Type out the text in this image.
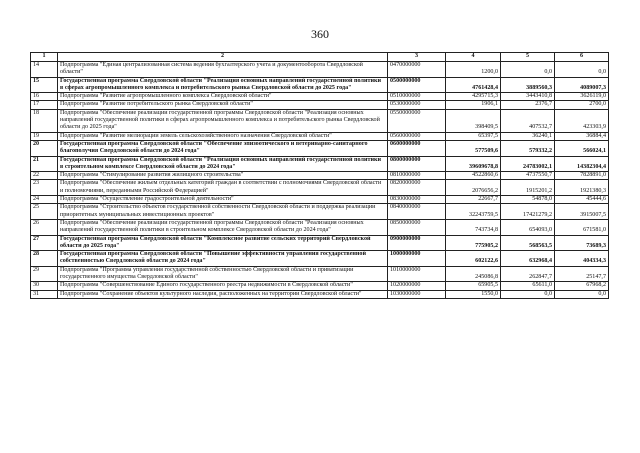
360
1	2	3	4	5	6
14	Подпрограмма "Единая централизованная система ведения бухгалтерского учета и документооборота Свердловской области"	0470000000	1200,0	0,0	0,0
15	Государственная программа Свердловской области "Реализация основных направлений государственной политики в сферах агропромышленного комплекса и потребительского рынка Свердловской области до 2025 года"	0500000000	4761428,4	3889560,3	4089007,3
16	Подпрограмма "Развитие агропромышленного комплекса Свердловской области"	0510000000	4295715,3	3443410,8	3626119,0
17	Подпрограмма "Развитие потребительского рынка Свердловской области"	0530000000	1906,1	2376,7	2700,0
18	Подпрограмма "Обеспечение реализации государственной программы Свердловской области "Реализация основных направлений государственной политики в сферах агропромышленного комплекса и потребительского рынка Свердловской области до 2025 года"	0550000000	398409,5	407532,7	423303,9
19	Подпрограмма "Развитие мелиорации земель сельскохозяйственного назначения Свердловской области"	0560000000	65397,5	36240,1	36884,4
20	Государственная программа Свердловской области "Обеспечение эпизоотического и ветеринарно-санитарного благополучия Свердловской области до 2024 года"	0600000000	577509,6	579332,2	566024,1
21	Государственная программа Свердловской области "Реализация основных направлений государственной политики в строительном комплексе Свердловской области до 2024 года"	0800000000	39609678,8	24783002,1	14382304,4
22	Подпрограмма "Стимулирование развития жилищного строительства"	0810000000	4522860,6	4737550,7	7828891,0
23	Подпрограмма "Обеспечение жильем отдельных категорий граждан в соответствии с полномочиями Свердловской области и полномочиями, переданными Российской Федерацией"	0820000000	2076656,2	1915201,2	1921380,3
24	Подпрограмма "Осуществление градостроительной деятельности"	0830000000	22667,7	54878,0	45444,6
25	Подпрограмма "Строительство объектов государственной собственности Свердловской области и поддержка реализации приоритетных муниципальных инвестиционных проектов"	0840000000	32243759,5	17421279,2	3915007,5
26	Подпрограмма "Обеспечение реализации государственной программы Свердловской области "Реализация основных направлений государственной политики в строительном комплексе Свердловской области до 2024 года"	0850000000	743734,8	654093,0	671581,0
27	Государственная программа Свердловской области "Комплексное развитие сельских территорий Свердловской области до 2025 года"	0900000000	775905,2	568563,5	73689,3
28	Государственная программа Свердловской области "Повышение эффективности управления государственной собственностью Свердловской области до 2024 года"	1000000000	602122,6	632968,4	404334,3
29	Подпрограмма "Программа управления государственной собственностью Свердловской области и приватизации государственного имущества Свердловской области"	1010000000	245086,8	262847,7	25147,7
30	Подпрограмма "Совершенствование Единого государственного реестра недвижимости в Свердловской области"	1020000000	65905,5	65611,0	67968,2
31	Подпрограмма "Сохранение объектов культурного наследия, расположенных на территории Свердловской области"	1030000000	1550,0	0,0	0,0
